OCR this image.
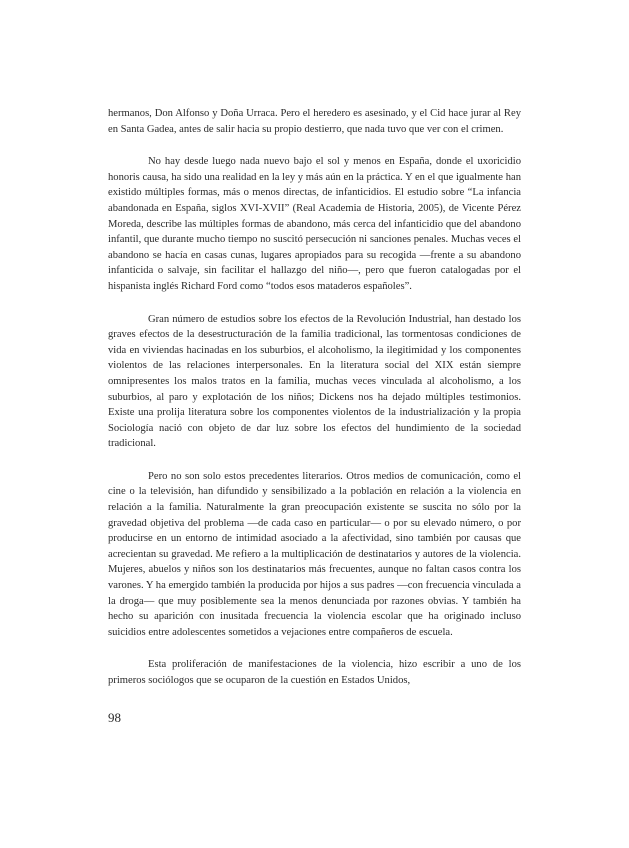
hermanos, Don Alfonso y Doña Urraca. Pero el heredero es asesinado, y el Cid hace jurar al Rey en Santa Gadea, antes de salir hacia su propio destierro, que nada tuvo que ver con el crimen.

No hay desde luego nada nuevo bajo el sol y menos en España, donde el uxoricidio honoris causa, ha sido una realidad en la ley y más aún en la práctica. Y en el que igualmente han existido múltiples formas, más o menos directas, de infanticidios. El estudio sobre “La infancia abandonada en España, siglos XVI-XVII” (Real Academia de Historia, 2005), de Vicente Pérez Moreda, describe las múltiples formas de abandono, más cerca del infanticidio que del abandono infantil, que durante mucho tiempo no suscitó persecución ni sanciones penales. Muchas veces el abandono se hacía en casas cunas, lugares apropiados para su recogida —frente a su abandono infanticida o salvaje, sin facilitar el hallazgo del niño—, pero que fueron catalogadas por el hispanista inglés Richard Ford como “todos esos mataderos españoles”.

Gran número de estudios sobre los efectos de la Revolución Industrial, han destado los graves efectos de la desestructuración de la familia tradicional, las tormentosas condiciones de vida en viviendas hacinadas en los suburbios, el alcoholismo, la ilegitimidad y los componentes violentos de las relaciones interpersonales. En la literatura social del XIX están siempre omnipresentes los malos tratos en la familia, muchas veces vinculada al alcoholismo, a los suburbios, al paro y explotación de los niños; Dickens nos ha dejado múltiples testimonios. Existe una prolija literatura sobre los componentes violentos de la industrialización y la propia Sociología nació con objeto de dar luz sobre los efectos del hundimiento de la sociedad tradicional.

Pero no son solo estos precedentes literarios. Otros medios de comunicación, como el cine o la televisión, han difundido y sensibilizado a la población en relación a la violencia en relación a la familia. Naturalmente la gran preocupación existente se suscita no sólo por la gravedad objetiva del problema —de cada caso en particular— o por su elevado número, o por producirse en un entorno de intimidad asociado a la afectividad, sino también por causas que acrecientan su gravedad. Me refiero a la multiplicación de destinatarios y autores de la violencia. Mujeres, abuelos y niños son los destinatarios más frecuentes, aunque no faltan casos contra los varones. Y ha emergido también la producida por hijos a sus padres —con frecuencia vinculada a la droga— que muy posiblemente sea la menos denunciada por razones obvias. Y también ha hecho su aparición con inusitada frecuencia la violencia escolar que ha originado incluso suicidios entre adolescentes sometidos a vejaciones entre compañeros de escuela.

Esta proliferación de manifestaciones de la violencia, hizo escribir a uno de los primeros sociólogos que se ocuparon de la cuestión en Estados Unidos,

98
